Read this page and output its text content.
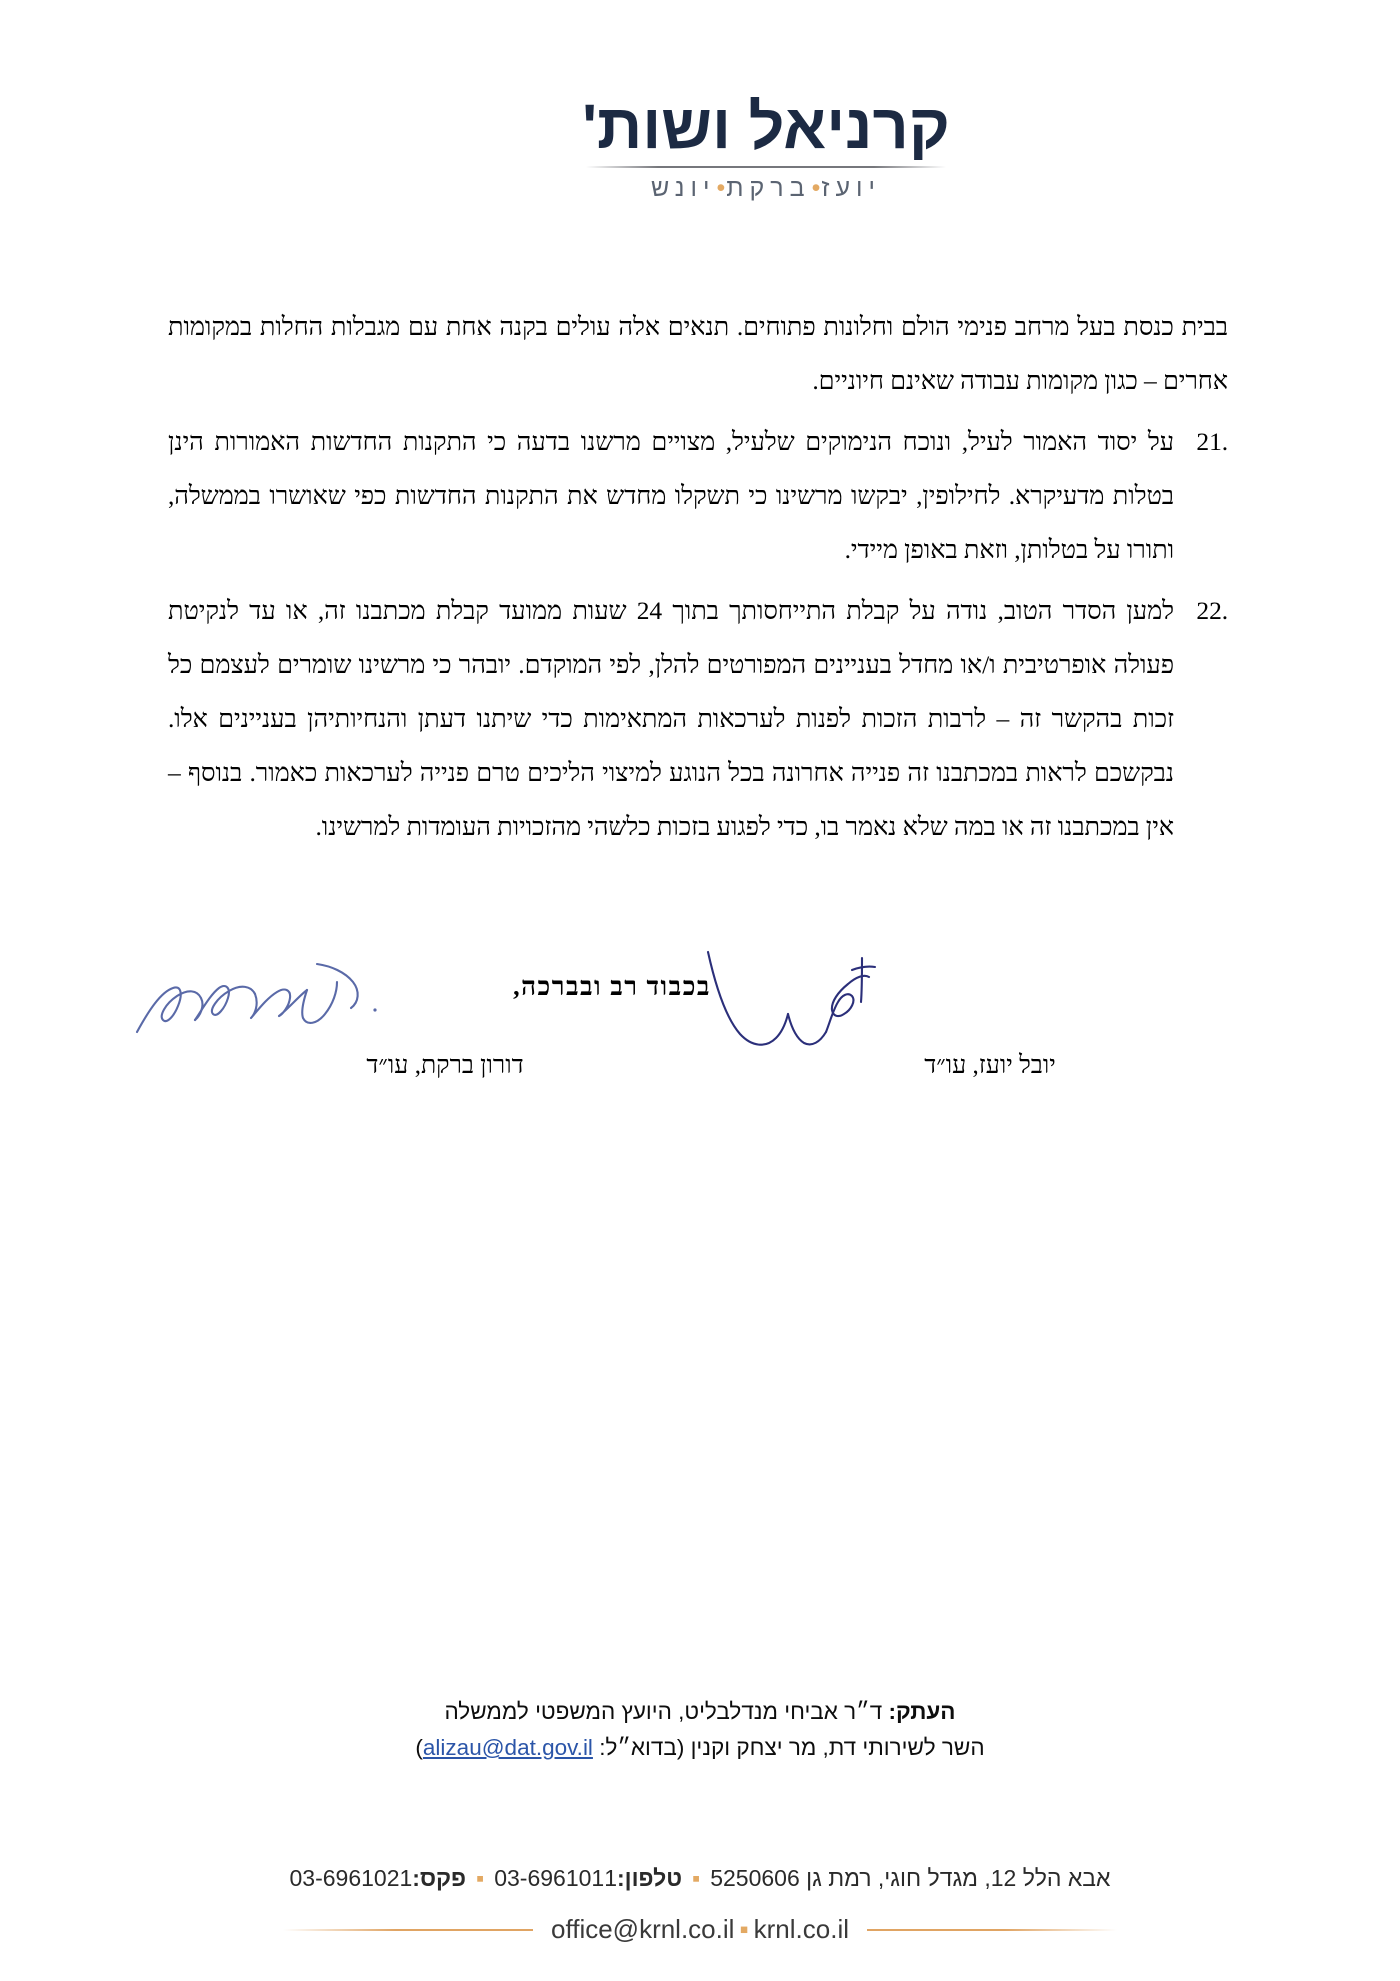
KR
NL
קרניאל ושות'
יועז•ברקת•יונש

בבית כנסת בעל מרחב פנימי הולם וחלונות פתוחים. תנאים אלה עולים בקנה אחת עם מגבלות החלות במקומות אחרים – כגון מקומות עבודה שאינם חיוניים.

21.
על יסוד האמור לעיל, ונוכח הנימוקים שלעיל, מצויים מרשנו בדעה כי התקנות החדשות האמורות הינן בטלות מדעיקרא. לחילופין, יבקשו מרשינו כי תשקלו מחדש את התקנות החדשות כפי שאושרו בממשלה, ותורו על בטלותן, וזאת באופן מיידי.
22.
למען הסדר הטוב, נודה על קבלת התייחסותך בתוך 24 שעות ממועד קבלת מכתבנו זה, או עד לנקיטת פעולה אופרטיבית ו/או מחדל בעניינים המפורטים להלן, לפי המוקדם. יובהר כי מרשינו שומרים לעצמם כל זכות בהקשר זה – לרבות הזכות לפנות לערכאות המתאימות כדי שיתנו דעתן והנחיותיהן בעניינים אלו. נבקשכם לראות במכתבנו זה פנייה אחרונה בכל הנוגע למיצוי הליכים טרם פנייה לערכאות כאמור. בנוסף – אין במכתבנו זה או במה שלא נאמר בו, כדי לפגוע בזכות כלשהי מהזכויות העומדות למרשינו.
בכבוד רב ובברכה,
יובל יועז, עו״ד
דורון ברקת, עו״ד
העתק: ד״ר אביחי מנדלבליט, היועץ המשפטי לממשלה
השר לשירותי דת, מר יצחק וקנין (בדוא״ל: alizau@dat.gov.il)
אבא הלל 12, מגדל חוגי, רמת גן 5250606▪טלפון:03-6961011▪פקס:03-6961021
office@krnl.co.il ▪ krnl.co.il
